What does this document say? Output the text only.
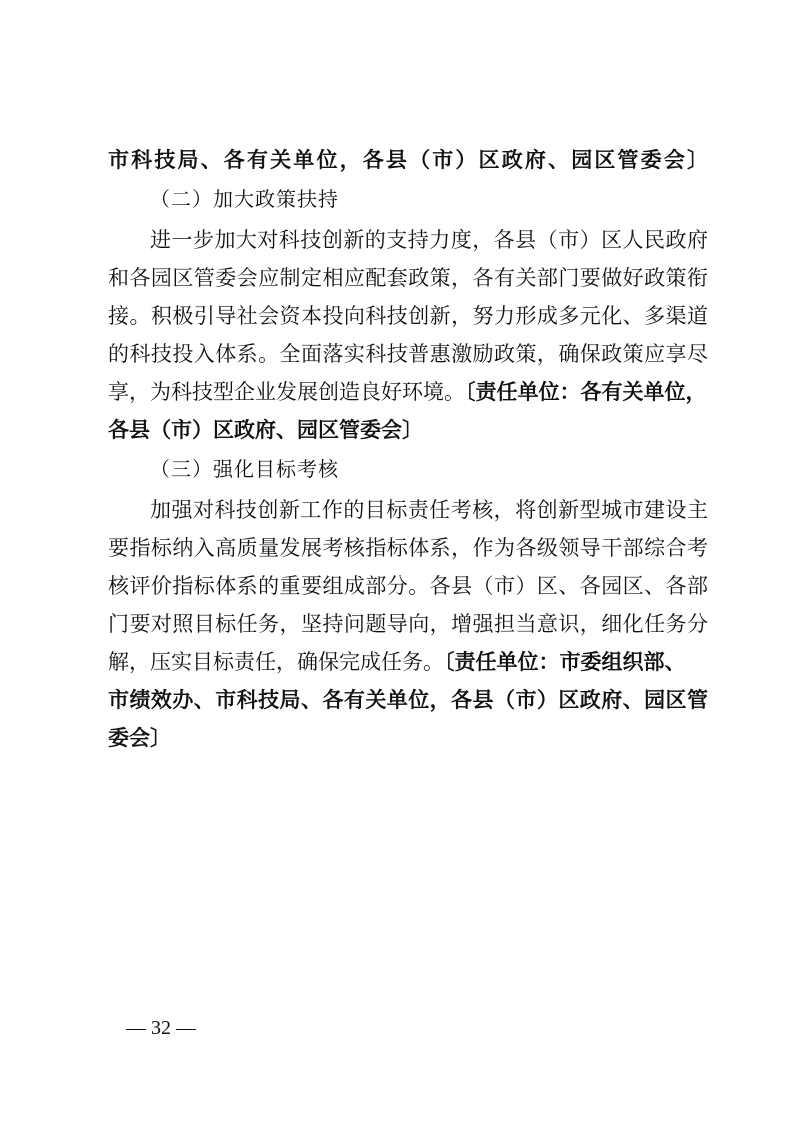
市科技局、各有关单位，各县（市）区政府、园区管委会〕
（二）加大政策扶持
进一步加大对科技创新的支持力度，各县（市）区人民政府
和各园区管委会应制定相应配套政策，各有关部门要做好政策衔
接。积极引导社会资本投向科技创新，努力形成多元化、多渠道
的科技投入体系。全面落实科技普惠激励政策，确保政策应享尽
享，为科技型企业发展创造良好环境。〔责任单位：各有关单位，
各县（市）区政府、园区管委会〕
（三）强化目标考核
加强对科技创新工作的目标责任考核，将创新型城市建设主
要指标纳入高质量发展考核指标体系，作为各级领导干部综合考
核评价指标体系的重要组成部分。各县（市）区、各园区、各部
门要对照目标任务，坚持问题导向，增强担当意识，细化任务分
解，压实目标责任，确保完成任务。〔责任单位：市委组织部、
市绩效办、市科技局、各有关单位，各县（市）区政府、园区管
委会〕
— 32 —
